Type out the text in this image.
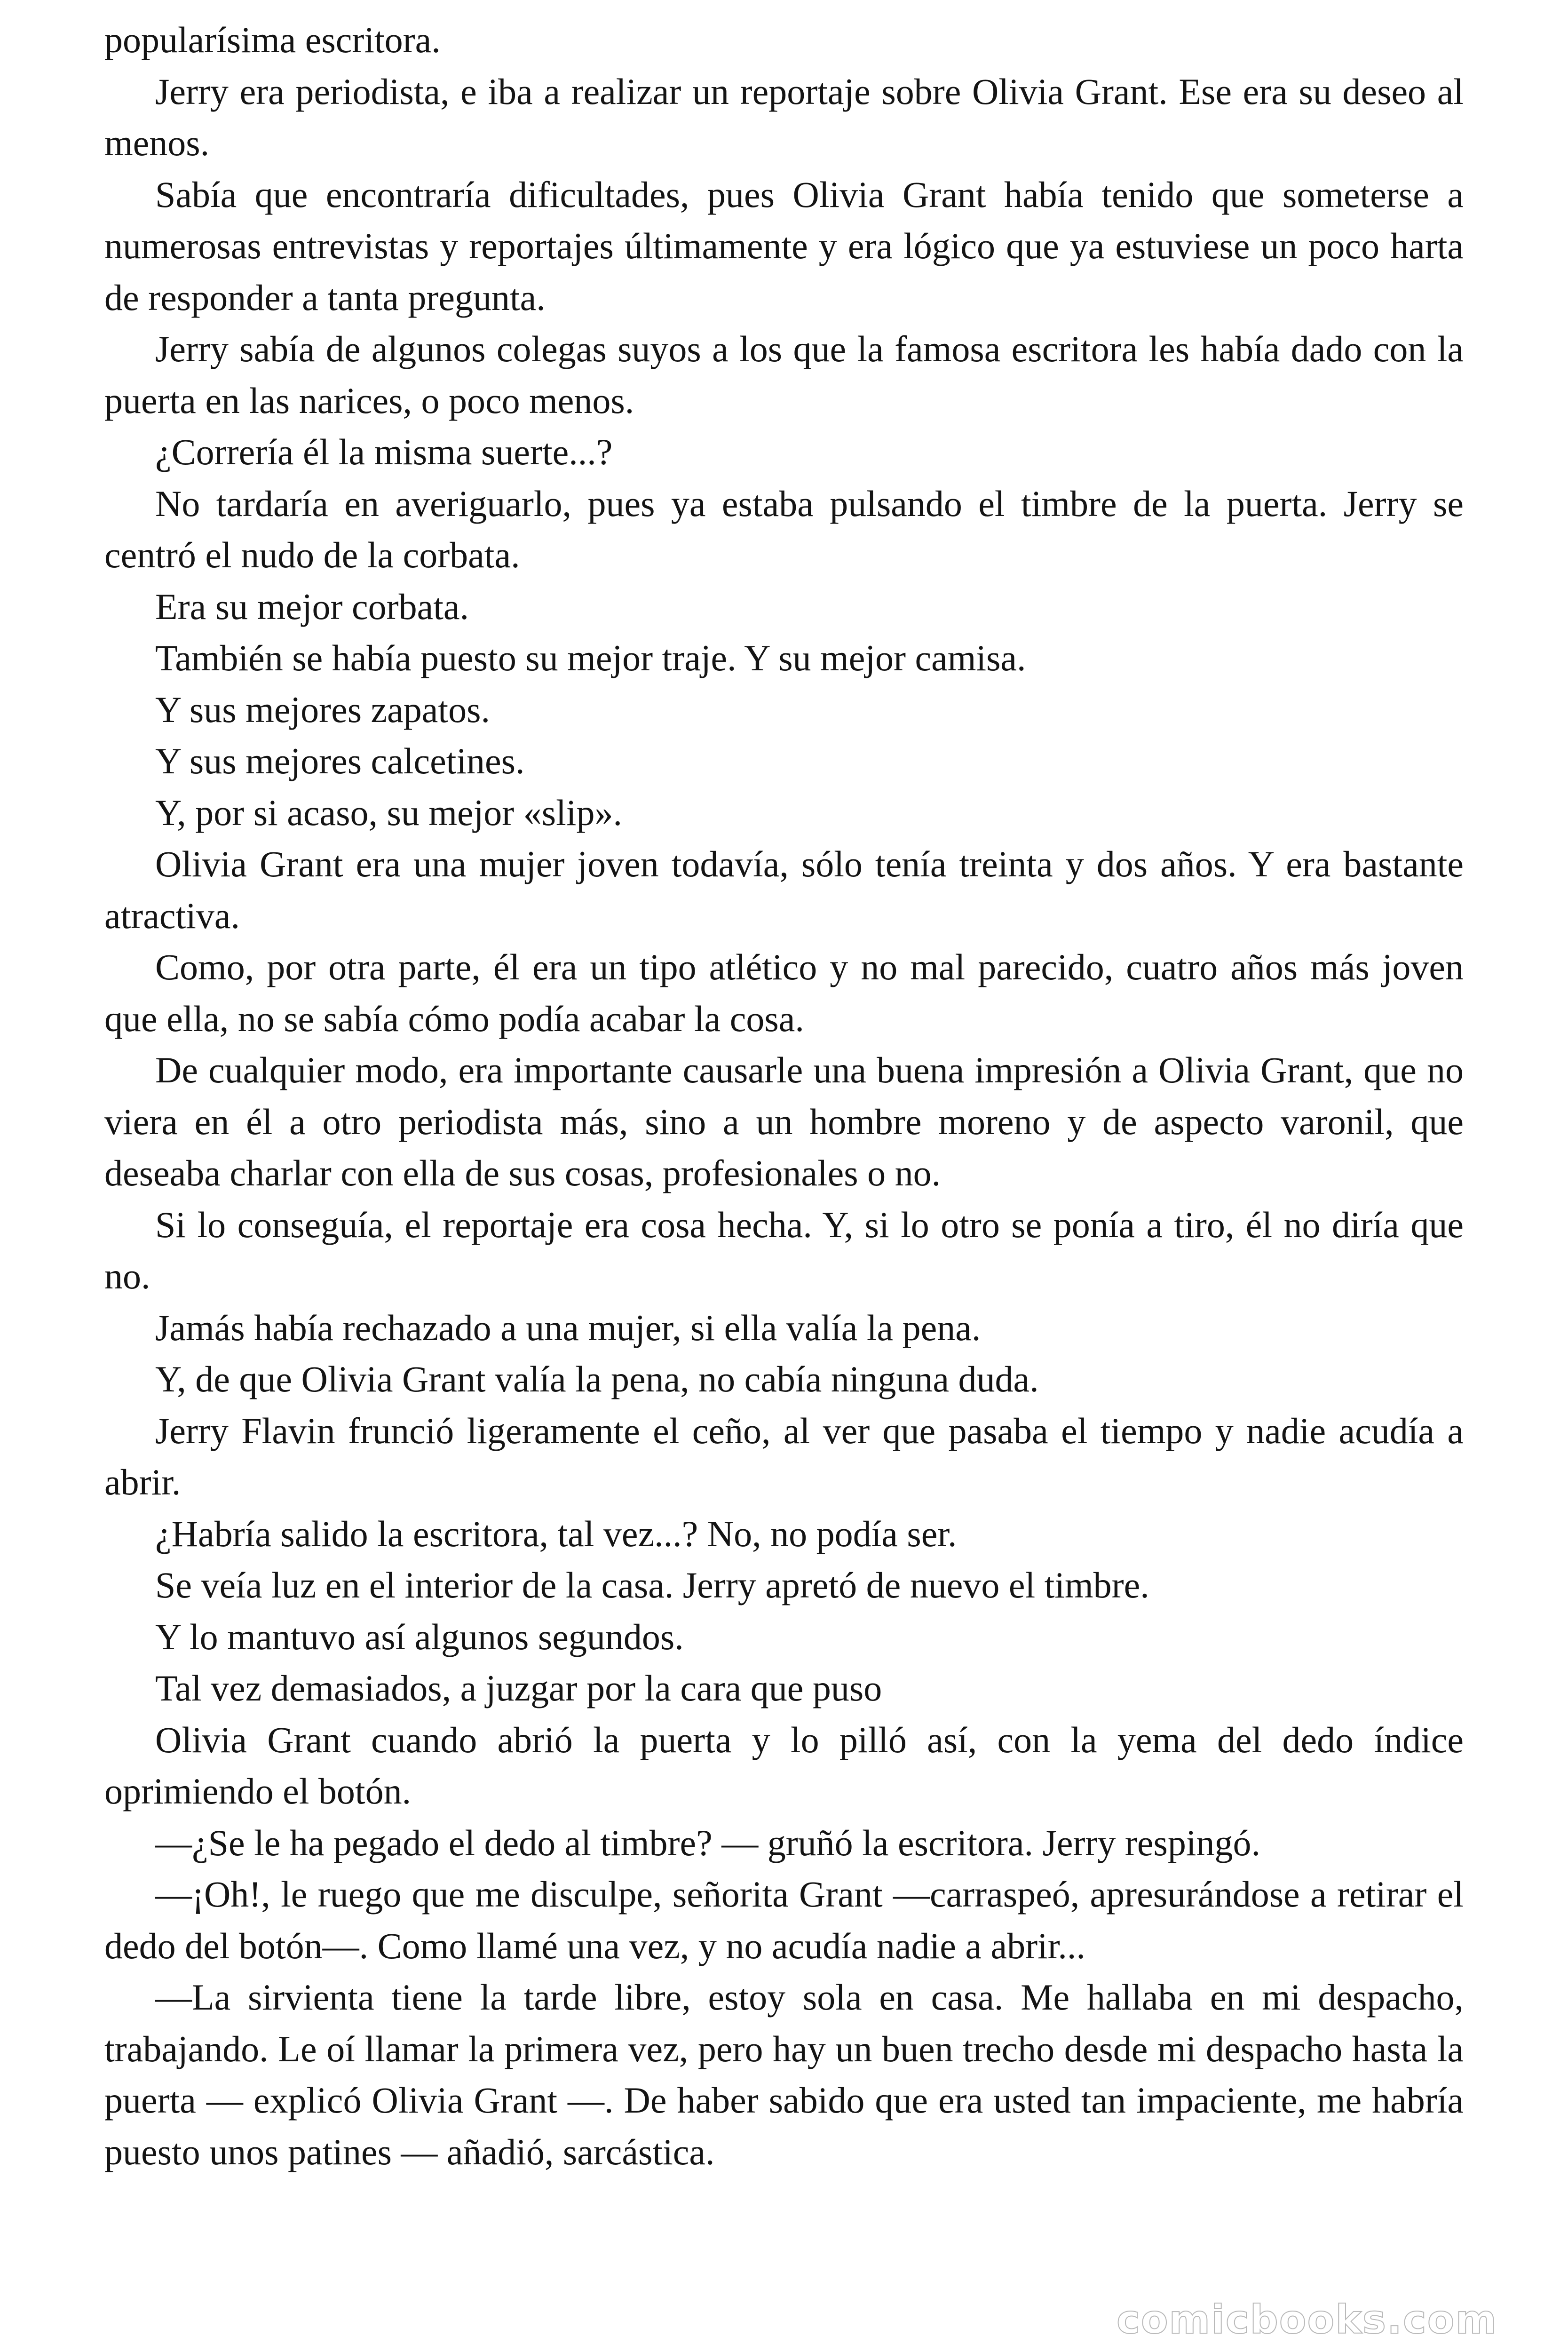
popularísima escritora.

Jerry era periodista, e iba a realizar un reportaje sobre Olivia Grant. Ese era su deseo al menos.

Sabía que encontraría dificultades, pues Olivia Grant había tenido que someterse a numerosas entrevistas y reportajes últimamente y era lógico que ya estuviese un poco harta de responder a tanta pregunta.

Jerry sabía de algunos colegas suyos a los que la famosa escritora les había dado con la puerta en las narices, o poco menos.

¿Correría él la misma suerte...?

No tardaría en averiguarlo, pues ya estaba pulsando el timbre de la puerta. Jerry se centró el nudo de la corbata.

Era su mejor corbata.

También se había puesto su mejor traje. Y su mejor camisa.

Y sus mejores zapatos.

Y sus mejores calcetines.

Y, por si acaso, su mejor «slip».

Olivia Grant era una mujer joven todavía, sólo tenía treinta y dos años. Y era bastante atractiva.

Como, por otra parte, él era un tipo atlético y no mal parecido, cuatro años más joven que ella, no se sabía cómo podía acabar la cosa.

De cualquier modo, era importante causarle una buena impresión a Olivia Grant, que no viera en él a otro periodista más, sino a un hombre moreno y de aspecto varonil, que deseaba charlar con ella de sus cosas, profesionales o no.

Si lo conseguía, el reportaje era cosa hecha. Y, si lo otro se ponía a tiro, él no diría que no.

Jamás había rechazado a una mujer, si ella valía la pena.

Y, de que Olivia Grant valía la pena, no cabía ninguna duda.

Jerry Flavin frunció ligeramente el ceño, al ver que pasaba el tiempo y nadie acudía a abrir.

¿Habría salido la escritora, tal vez...? No, no podía ser.

Se veía luz en el interior de la casa. Jerry apretó de nuevo el timbre.

Y lo mantuvo así algunos segundos.

Tal vez demasiados, a juzgar por la cara que puso

Olivia Grant cuando abrió la puerta y lo pilló así, con la yema del dedo índice oprimiendo el botón.

—¿Se le ha pegado el dedo al timbre? — gruñó la escritora. Jerry respingó.

—¡Oh!, le ruego que me disculpe, señorita Grant —carraspeó, apresurándose a retirar el dedo del botón—. Como llamé una vez, y no acudía nadie a abrir...

—La sirvienta tiene la tarde libre, estoy sola en casa. Me hallaba en mi despacho, trabajando. Le oí llamar la primera vez, pero hay un buen trecho desde mi despacho hasta la puerta — explicó Olivia Grant —. De haber sabido que era usted tan impaciente, me habría puesto unos patines — añadió, sarcástica.

comicbooks.com
